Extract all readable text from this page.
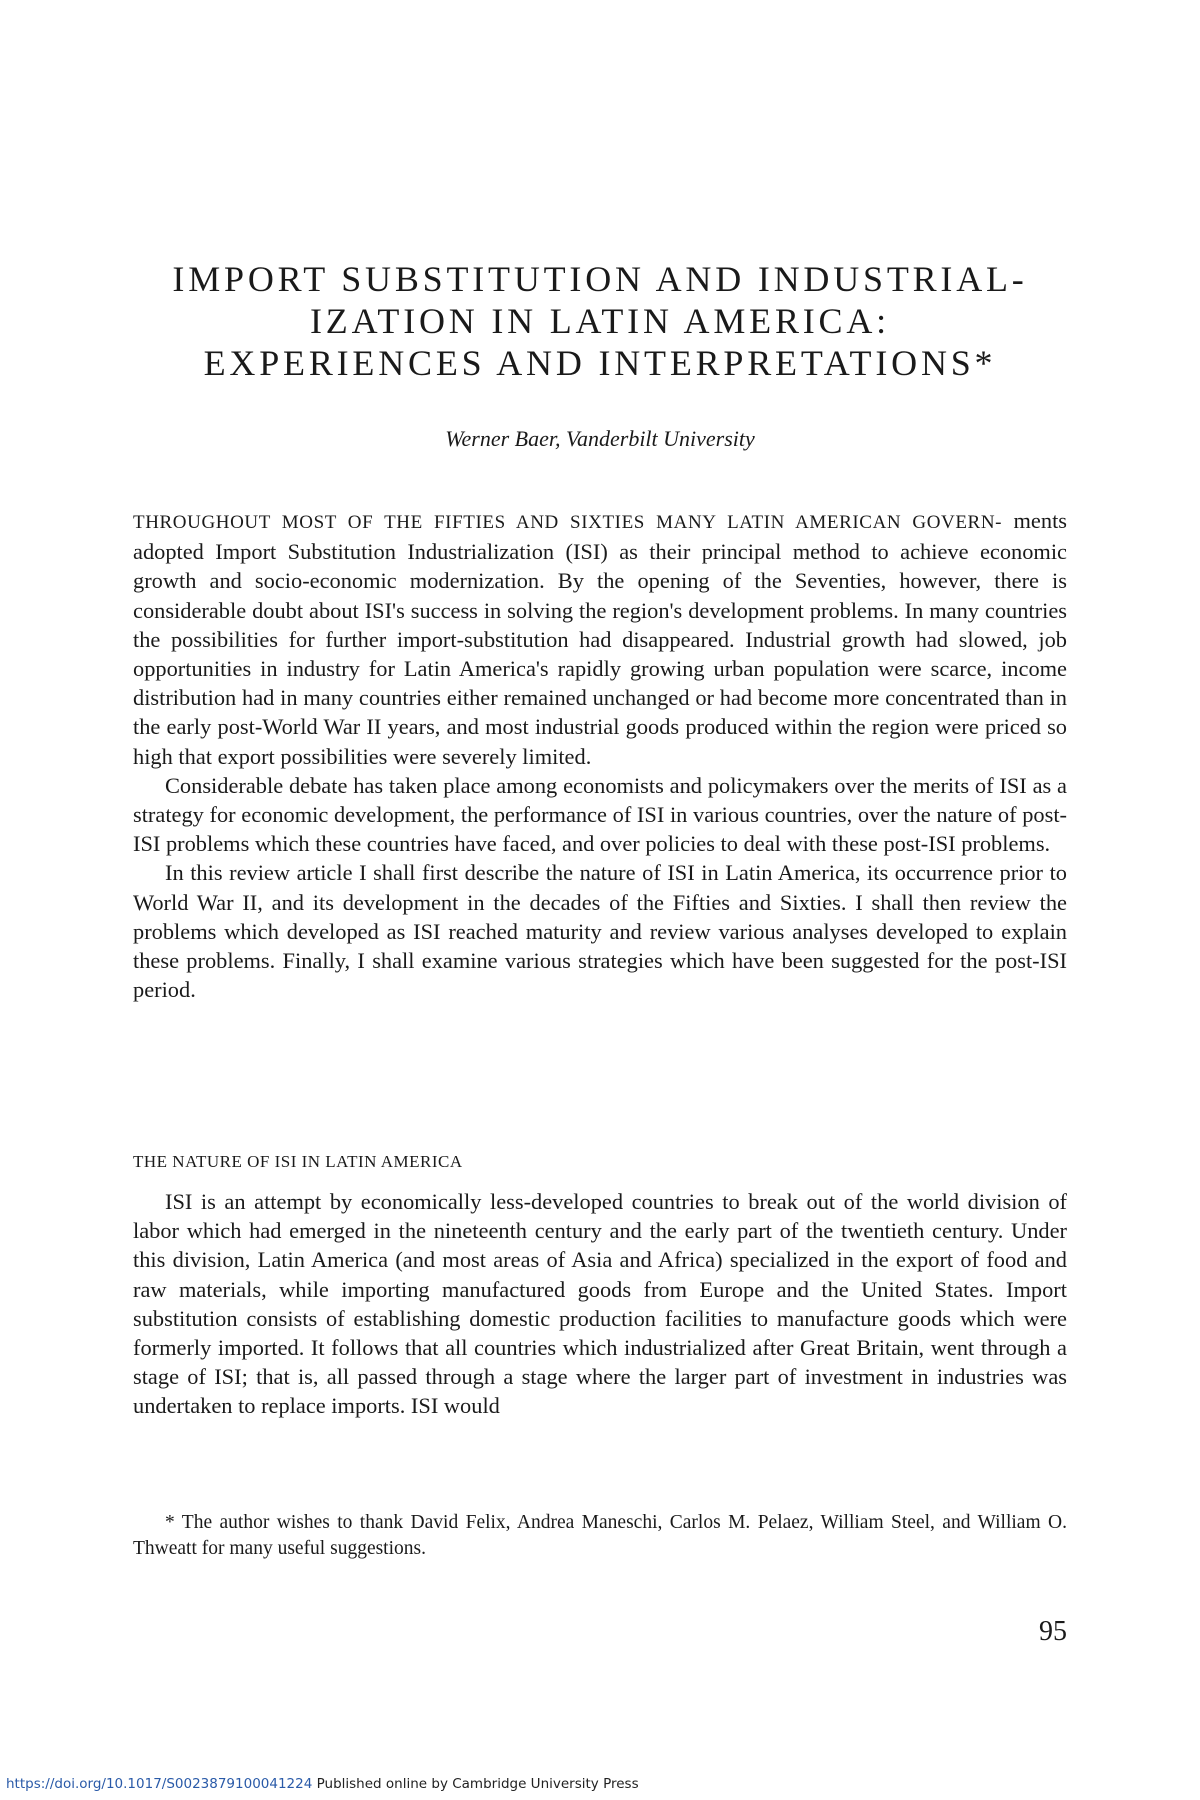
IMPORT SUBSTITUTION AND INDUSTRIAL-
IZATION IN LATIN AMERICA:
EXPERIENCES AND INTERPRETATIONS*

Werner Baer, Vanderbilt University

THROUGHOUT MOST OF THE FIFTIES AND SIXTIES MANY LATIN AMERICAN GOVERN- ments adopted Import Substitution Industrialization (ISI) as their principal method to achieve economic growth and socio-economic modernization. By the opening of the Seventies, however, there is considerable doubt about ISI's success in solving the region's development problems. In many countries the possibilities for further import-substitution had disappeared. Industrial growth had slowed, job opportunities in industry for Latin America's rapidly growing urban population were scarce, income distribution had in many countries either remained unchanged or had become more concentrated than in the early post-World War II years, and most industrial goods produced within the region were priced so high that export possibilities were severely limited.

Considerable debate has taken place among economists and policymakers over the merits of ISI as a strategy for economic development, the performance of ISI in various countries, over the nature of post-ISI problems which these countries have faced, and over policies to deal with these post-ISI problems.

In this review article I shall first describe the nature of ISI in Latin America, its occurrence prior to World War II, and its development in the decades of the Fifties and Sixties. I shall then review the problems which developed as ISI reached maturity and review various analyses developed to explain these problems. Finally, I shall examine various strategies which have been suggested for the post-ISI period.

THE NATURE OF ISI IN LATIN AMERICA

ISI is an attempt by economically less-developed countries to break out of the world division of labor which had emerged in the nineteenth century and the early part of the twentieth century. Under this division, Latin America (and most areas of Asia and Africa) specialized in the export of food and raw materials, while importing manufactured goods from Europe and the United States. Import substitution consists of establishing domestic production facilities to manufacture goods which were formerly imported. It follows that all countries which industrialized after Great Britain, went through a stage of ISI; that is, all passed through a stage where the larger part of investment in industries was undertaken to replace imports. ISI would

* The author wishes to thank David Felix, Andrea Maneschi, Carlos M. Pelaez, William Steel, and William O. Thweatt for many useful suggestions.

95

https://doi.org/10.1017/S0023879100041224 Published online by Cambridge University Press
